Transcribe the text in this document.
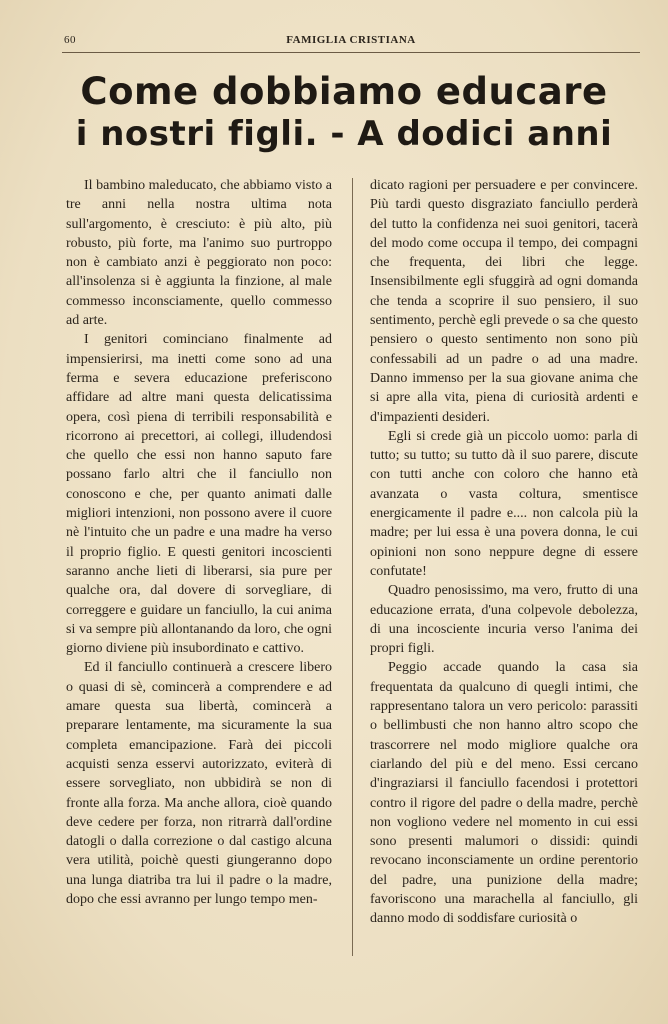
60	FAMIGLIA CRISTIANA
Come dobbiamo educare
i nostri figli. - A dodici anni

Il bambino maleducato, che abbiamo visto a tre anni nella nostra ultima nota sull'argomento, è cresciuto: è più alto, più robusto, più forte, ma l'animo suo purtroppo non è cambiato anzi è peggiorato non poco: all'insolenza si è aggiunta la finzione, al male commesso inconsciamente, quello commesso ad arte.

I genitori cominciano finalmente ad impensierirsi, ma inetti come sono ad una ferma e severa educazione preferiscono affidare ad altre mani questa delicatissima opera, così piena di terribili responsabilità e ricorrono ai precettori, ai collegi, illudendosi che quello che essi non hanno saputo fare possano farlo altri che il fanciullo non conoscono e che, per quanto animati dalle migliori intenzioni, non possono avere il cuore nè l'intuito che un padre e una madre ha verso il proprio figlio. E questi genitori incoscienti saranno anche lieti di liberarsi, sia pure per qualche ora, dal dovere di sorvegliare, di correggere e guidare un fanciullo, la cui anima si va sempre più allontanando da loro, che ogni giorno diviene più insubordinato e cattivo.

Ed il fanciullo continuerà a crescere libero o quasi di sè, comincerà a comprendere e ad amare questa sua libertà, comincerà a preparare lentamente, ma sicuramente la sua completa emancipazione. Farà dei piccoli acquisti senza esservi autorizzato, eviterà di essere sorvegliato, non ubbidirà se non di fronte alla forza. Ma anche allora, cioè quando deve cedere per forza, non ritrarrà dall'ordine datogli o dalla correzione o dal castigo alcuna vera utilità, poichè questi giungeranno dopo una lunga diatriba tra lui il padre o la madre, dopo che essi avranno per lungo tempo men-

dicato ragioni per persuadere e per convincere. Più tardi questo disgraziato fanciullo perderà del tutto la confidenza nei suoi genitori, tacerà del modo come occupa il tempo, dei compagni che frequenta, dei libri che legge. Insensibilmente egli sfuggirà ad ogni domanda che tenda a scoprire il suo pensiero, il suo sentimento, perchè egli prevede o sa che questo pensiero o questo sentimento non sono più confessabili ad un padre o ad una madre. Danno immenso per la sua giovane anima che si apre alla vita, piena di curiosità ardenti e d'impazienti desideri.

Egli si crede già un piccolo uomo: parla di tutto; su tutto; su tutto dà il suo parere, discute con tutti anche con coloro che hanno età avanzata o vasta coltura, smentisce energicamente il padre e.... non calcola più la madre; per lui essa è una povera donna, le cui opinioni non sono neppure degne di essere confutate!

Quadro penosissimo, ma vero, frutto di una educazione errata, d'una colpevole debolezza, di una incosciente incuria verso l'anima dei propri figli.

Peggio accade quando la casa sia frequentata da qualcuno di quegli intimi, che rappresentano talora un vero pericolo: parassiti o bellimbusti che non hanno altro scopo che trascorrere nel modo migliore qualche ora ciarlando del più e del meno. Essi cercano d'ingraziarsi il fanciullo facendosi i protettori contro il rigore del padre o della madre, perchè non vogliono vedere nel momento in cui essi sono presenti malumori o dissidi: quindi revocano inconsciamente un ordine perentorio del padre, una punizione della madre; favoriscono una marachella al fanciullo, gli danno modo di soddisfare curiosità o
